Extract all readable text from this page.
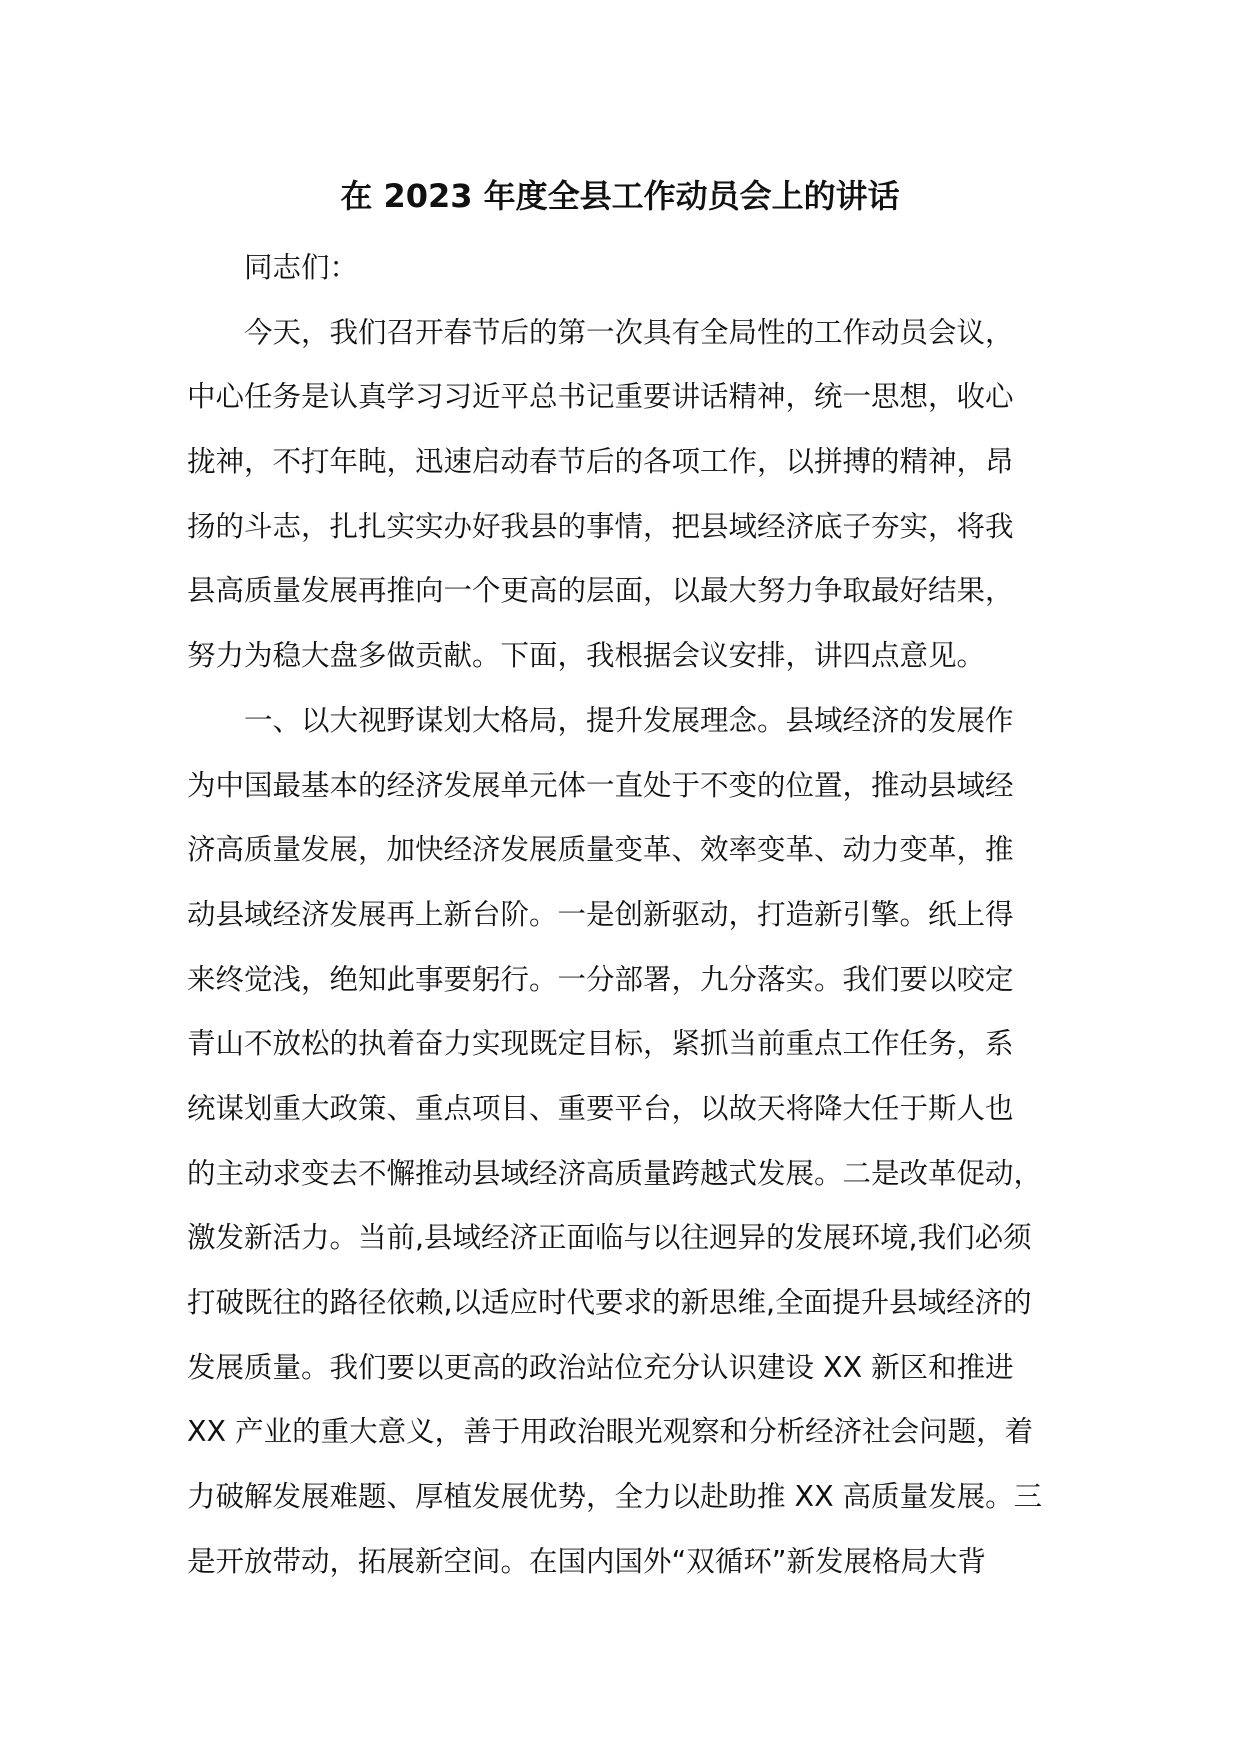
在 2023 年度全县工作动员会上的讲话
　　同志们：
　　今天，我们召开春节后的第一次具有全局性的工作动员会议，
中心任务是认真学习习近平总书记重要讲话精神，统一思想，收心
拢神，不打年盹，迅速启动春节后的各项工作，以拼搏的精神，昂
扬的斗志，扎扎实实办好我县的事情，把县域经济底子夯实，将我
县高质量发展再推向一个更高的层面，以最大努力争取最好结果，
努力为稳大盘多做贡献。下面，我根据会议安排，讲四点意见。
　　一、以大视野谋划大格局，提升发展理念。县域经济的发展作
为中国最基本的经济发展单元体一直处于不变的位置，推动县域经
济高质量发展，加快经济发展质量变革、效率变革、动力变革，推
动县域经济发展再上新台阶。一是创新驱动，打造新引擎。纸上得
来终觉浅，绝知此事要躬行。一分部署，九分落实。我们要以咬定
青山不放松的执着奋力实现既定目标，紧抓当前重点工作任务，系
统谋划重大政策、重点项目、重要平台，以故天将降大任于斯人也
的主动求变去不懈推动县域经济高质量跨越式发展。二是改革促动，
激发新活力。当前,县域经济正面临与以往迥异的发展环境,我们必须
打破既往的路径依赖,以适应时代要求的新思维,全面提升县域经济的
发展质量。我们要以更高的政治站位充分认识建设 XX 新区和推进
XX 产业的重大意义，善于用政治眼光观察和分析经济社会问题，着
力破解发展难题、厚植发展优势，全力以赴助推 XX 高质量发展。三
是开放带动，拓展新空间。在国内国外“双循环”新发展格局大背
